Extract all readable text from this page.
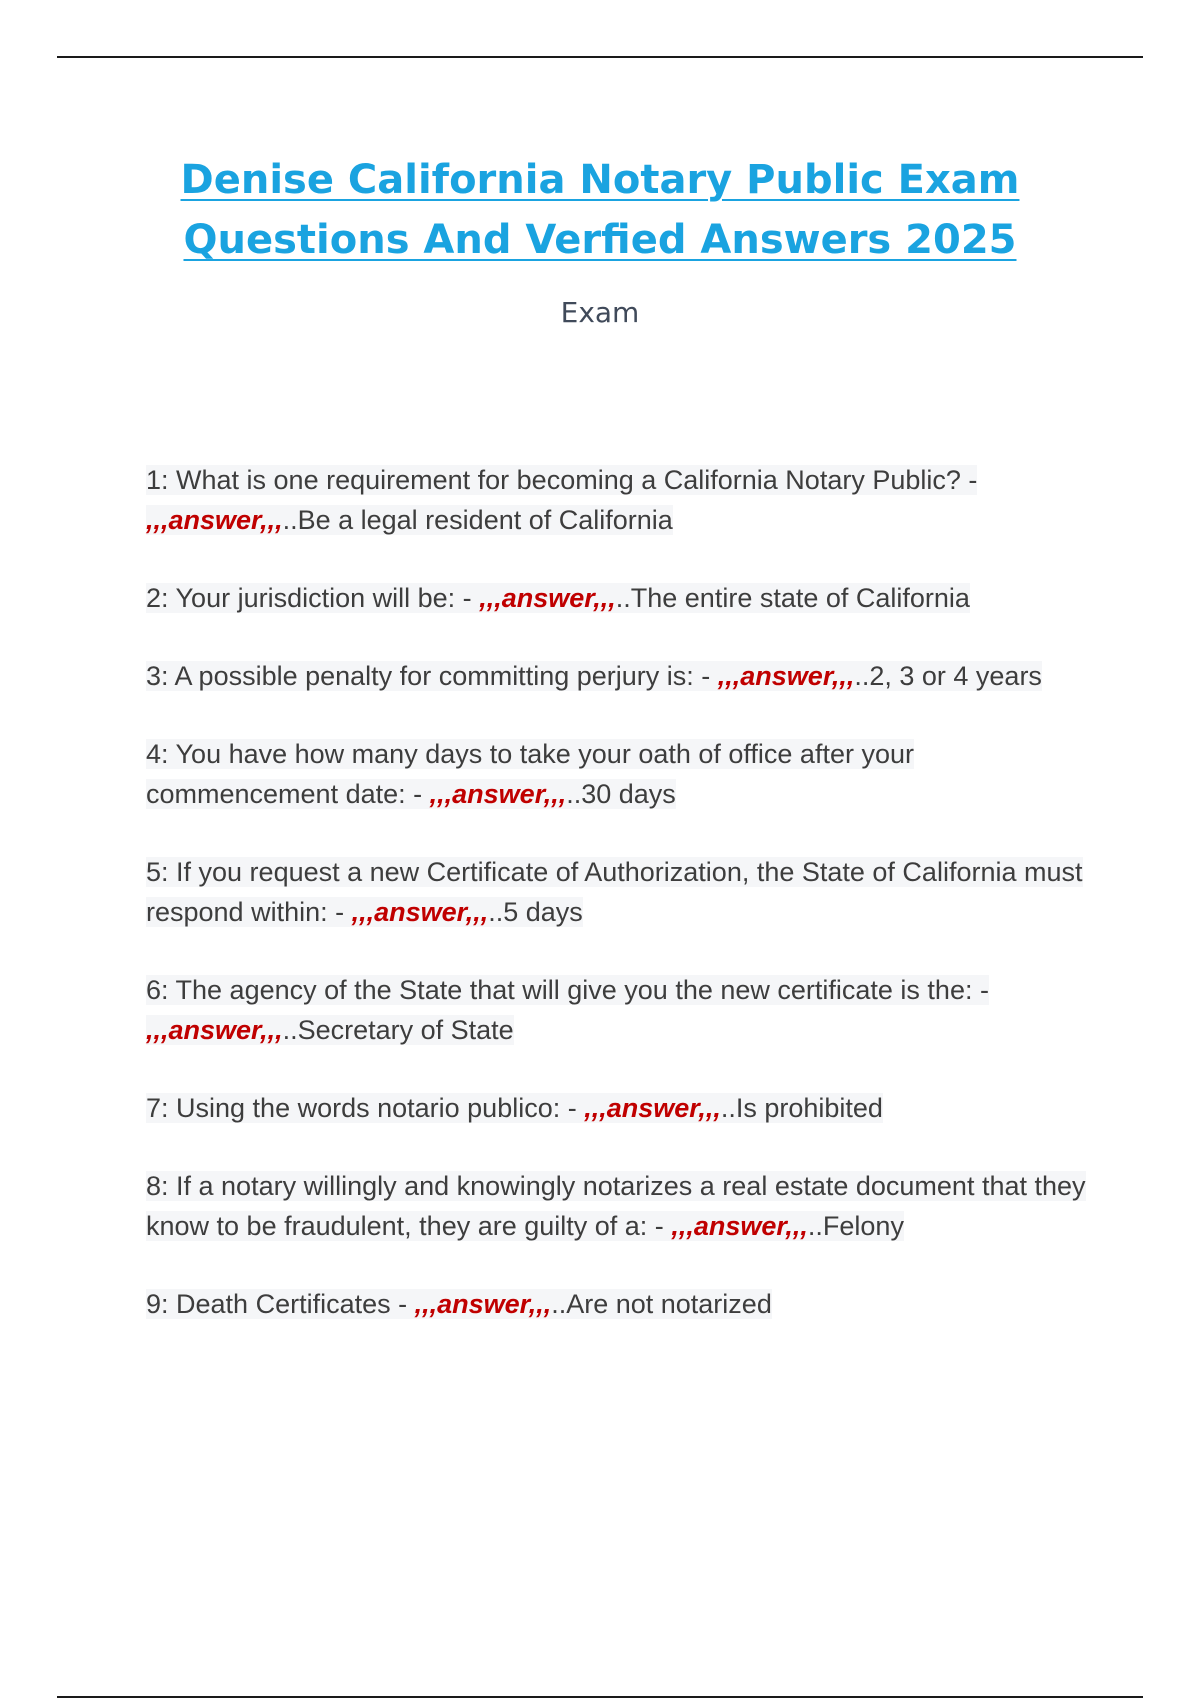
Denise California Notary Public Exam
Questions And Verfied Answers 2025

Exam

1: What is one requirement for becoming a California Notary Public? - ,,,answer,,,..Be a legal resident of California
2: Your jurisdiction will be: - ,,,answer,,,..The entire state of California
3: A possible penalty for committing perjury is: - ,,,answer,,,..2, 3 or 4 years
4: You have how many days to take your oath of office after your commencement date: - ,,,answer,,,..30 days
5: If you request a new Certificate of Authorization, the State of California must respond within: - ,,,answer,,,..5 days
6: The agency of the State that will give you the new certificate is the: - ,,,answer,,,..Secretary of State
7: Using the words notario publico: - ,,,answer,,,..Is prohibited
8: If a notary willingly and knowingly notarizes a real estate document that they know to be fraudulent, they are guilty of a: - ,,,answer,,,..Felony
9: Death Certificates - ,,,answer,,,..Are not notarized
